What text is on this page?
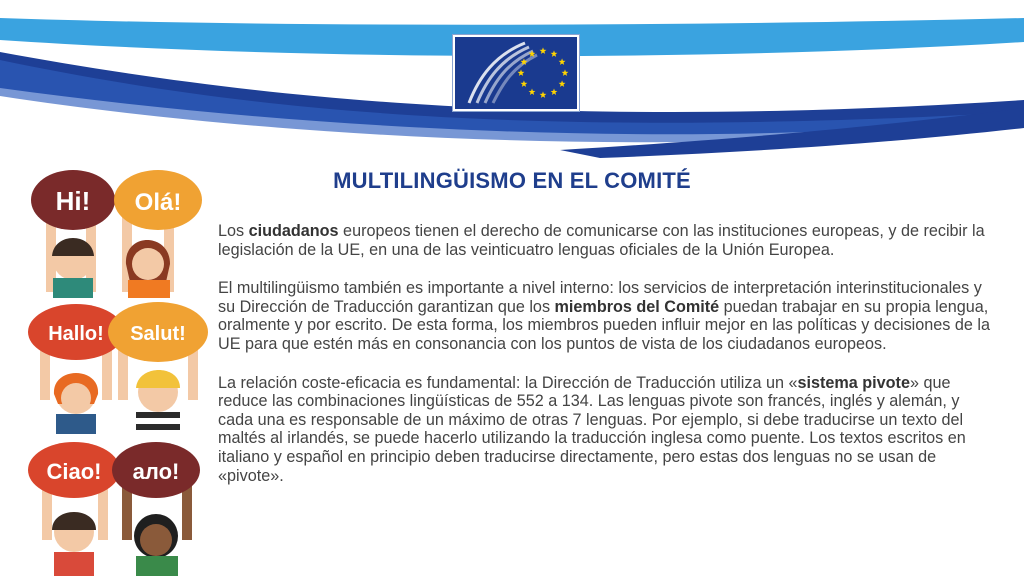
MULTILINGÜISMO EN EL COMITÉ
Hi! Olá!
Hallo! Salut!
Ciao! ало!

Los ciudadanos europeos tienen el derecho de comunicarse con las instituciones europeas, y de recibir la legislación de la UE, en una de las veinticuatro lenguas oficiales de la Unión Europea.

El multilingüismo también es importante a nivel interno: los servicios de interpretación interinstitucionales y su Dirección de Traducción garantizan que los miembros del Comité puedan trabajar en su propia lengua, oralmente y por escrito. De esta forma, los miembros pueden influir mejor en las políticas y decisiones de la UE para que estén más en consonancia con los puntos de vista de los ciudadanos europeos.

La relación coste-eficacia es fundamental: la Dirección de Traducción utiliza un «sistema pivote» que reduce las combinaciones lingüísticas de 552 a 134. Las lenguas pivote son francés, inglés y alemán, y cada una es responsable de un máximo de otras 7 lenguas. Por ejemplo, si debe traducirse un texto del maltés al irlandés, se puede hacerlo utilizando la traducción inglesa como puente. Los textos escritos en italiano y español en principio deben traducirse directamente, pero estas dos lenguas no se usan de «pivote».
